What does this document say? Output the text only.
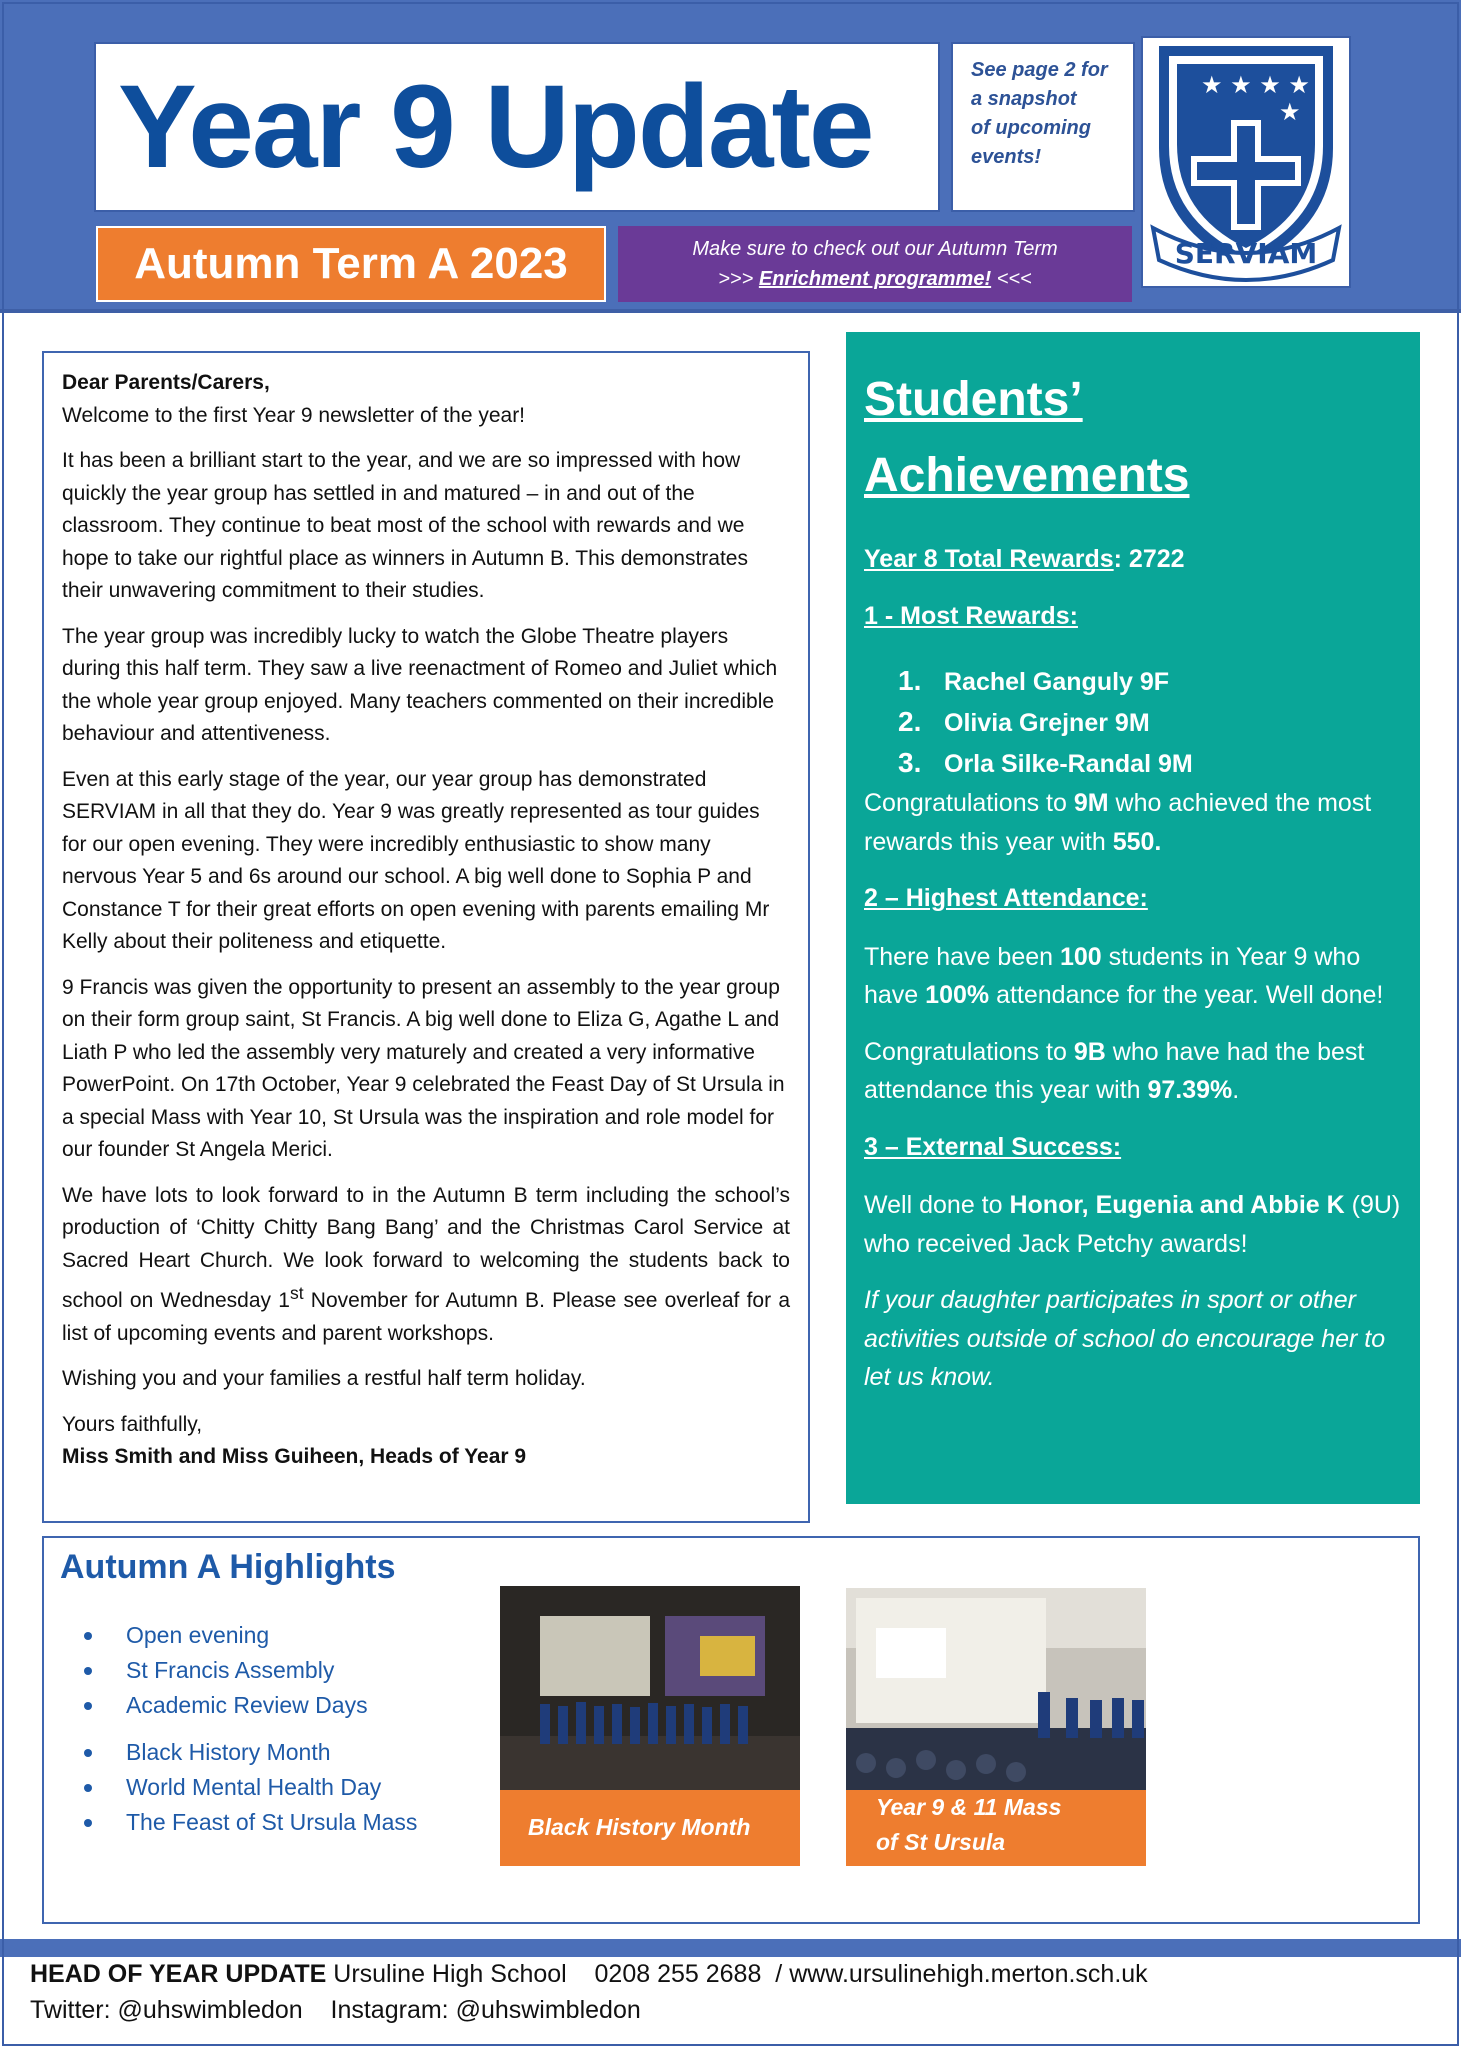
Year 9 Update	See page 2 for
a snapshot
of upcoming
events!
★ ★ ★ ★
★
SERVIAM
Autumn Term A 2023	Make sure to check out our Autumn Term
>>> Enrichment programme! <<<

Dear Parents/Carers,

Welcome to the first Year 9 newsletter of the year!

It has been a brilliant start to the year, and we are so impressed with how quickly the year group has settled in and matured – in and out of the classroom. They continue to beat most of the school with rewards and we hope to take our rightful place as winners in Autumn B. This demonstrates their unwavering commitment to their studies.

The year group was incredibly lucky to watch the Globe Theatre players during this half term. They saw a live reenactment of Romeo and Juliet which the whole year group enjoyed. Many teachers commented on their incredible behaviour and attentiveness.

Even at this early stage of the year, our year group has demonstrated SERVIAM in all that they do. Year 9 was greatly represented as tour guides for our open evening. They were incredibly enthusiastic to show many nervous Year 5 and 6s around our school. A big well done to Sophia P and Constance T for their great efforts on open evening with parents emailing Mr Kelly about their politeness and etiquette.

9 Francis was given the opportunity to present an assembly to the year group on their form group saint, St Francis. A big well done to Eliza G, Agathe L and Liath P who led the assembly very maturely and created a very informative PowerPoint. On 17th October, Year 9 celebrated the Feast Day of St Ursula in a special Mass with Year 10, St Ursula was the inspiration and role model for our founder St Angela Merici.

We have lots to look forward to in the Autumn B term including the school’s production of ‘Chitty Chitty Bang Bang’ and the Christmas Carol Service at Sacred Heart Church. We look forward to welcoming the students back to school on Wednesday 1st November for Autumn B. Please see overleaf for a list of upcoming events and parent workshops.

Wishing you and your families a restful half term holiday.

Yours faithfully,

Miss Smith and Miss Guiheen, Heads of Year 9

Students’
Achievements
Year 8 Total Rewards: 2722
1 - Most Rewards:
1. Rachel Ganguly 9F
2. Olivia Grejner 9M
3. Orla Silke-Randal 9M
Congratulations to 9M who achieved the most rewards this year with 550.
2 – Highest Attendance:
There have been 100 students in Year 9 who have 100% attendance for the year. Well done!
Congratulations to 9B who have had the best attendance this year with 97.39%.
3 – External Success:
Well done to Honor, Eugenia and Abbie K (9U) who received Jack Petchy awards!
If your daughter participates in sport or other activities outside of school do encourage her to let us know.
Autumn A Highlights
Open evening
St Francis Assembly
Academic Review Days
Black History Month
World Mental Health Day
The Feast of St Ursula Mass	Black History Month
Year 9 & 11 Mass
of St Ursula
HEAD OF YEAR UPDATE Ursuline High School 0208 255 2688 / www.ursulinehigh.merton.sch.uk
Twitter: @uhswimbledon Instagram: @uhswimbledon
